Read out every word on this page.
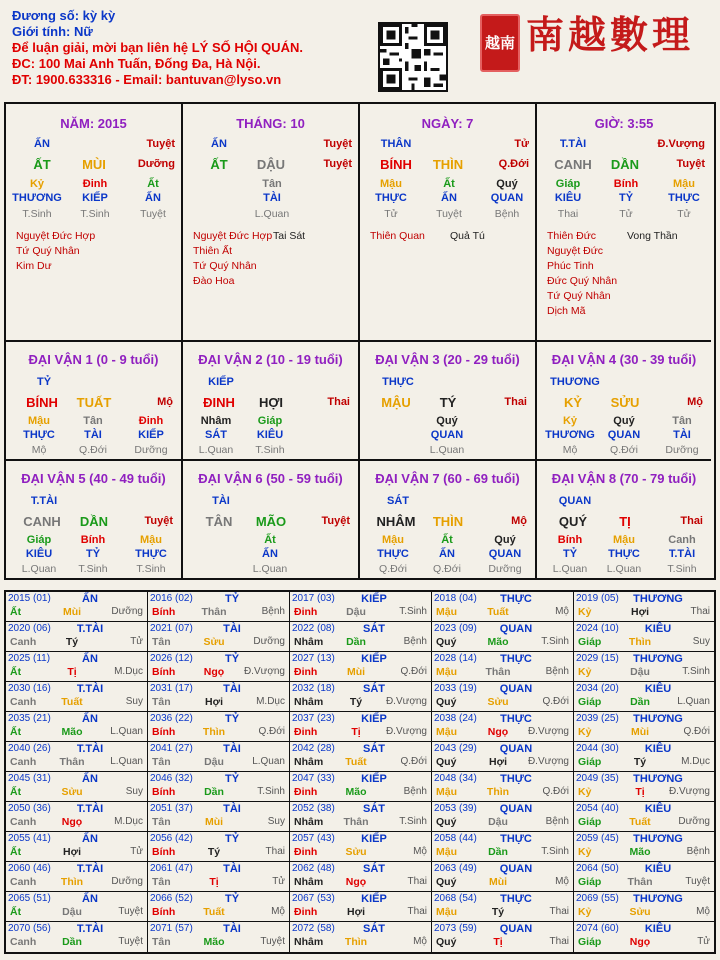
Đương số: kỳ kỳ
Giới tính: Nữ
Để luận giải, mời bạn liên hệ LÝ SỐ HỘI QUÁN.
ĐC: 100 Mai Anh Tuấn, Đống Đa, Hà Nội.
ĐT: 1900.633316 - Email: bantuvan@lyso.vn
越南 南越數理
NĂM: 2015
ẤN	Tuyệt
ẤT	MÙI	Dưỡng
Kỷ
THƯƠNG
T.Sinh
Đinh
KIẾP
T.Sinh
Ất
ẤN
Tuyệt
Nguyệt Đức Hợp
Tứ Quý Nhân
Kim Dư
THÁNG: 10
ẤN	Tuyệt
ẤT	DẬU	Tuyệt
Tân
TÀI
L.Quan
Nguyệt Đức Hợp
Thiên Ất
Tứ Quý Nhân
Đào Hoa
Tai Sát
NGÀY: 7
THÂN	Tử
BÍNH	THÌN	Q.Đới
Mậu
THỰC
Tử
Ất
ẤN
Tuyệt
Quý
QUAN
Bệnh
Thiên Quan Quả Tú
GIỜ: 3:55
T.TÀI	Đ.Vượng
CANH	DẦN	Tuyệt
Giáp
KIÊU
Thai
Bính
TỶ
Tử
Mậu
THỰC
Tử
Thiên Đức
Nguyệt Đức
Phúc Tinh
Đức Quý Nhân
Tứ Quý Nhân
Dịch Mã
Vong Thần
ĐẠI VẬN 1 (0 - 9 tuổi)
TỶ
BÍNH	TUẤT	Mộ
Mậu
THỰC
Mộ
Tân
TÀI
Q.Đới
Đinh
KIẾP
Dưỡng
ĐẠI VẬN 2 (10 - 19 tuổi)
KIẾP
ĐINH	HỢI	Thai
Nhâm
SÁT
L.Quan
Giáp
KIÊU
T.Sinh
ĐẠI VẬN 3 (20 - 29 tuổi)
THỰC
MẬU	TÝ	Thai
Quý
QUAN
L.Quan
ĐẠI VẬN 4 (30 - 39 tuổi)
THƯƠNG
KỶ	SỬU	Mộ
Kỷ
THƯƠNG
Mộ
Quý
QUAN
Q.Đới
Tân
TÀI
Dưỡng
ĐẠI VẬN 5 (40 - 49 tuổi)
T.TÀI
CANH	DẦN	Tuyệt
Giáp
KIÊU
L.Quan
Bính
TỶ
T.Sinh
Mậu
THỰC
T.Sinh
ĐẠI VẬN 6 (50 - 59 tuổi)
TÀI
TÂN	MÃO	Tuyệt
Ất
ẤN
L.Quan
ĐẠI VẬN 7 (60 - 69 tuổi)
SÁT
NHÂM	THÌN	Mộ
Mậu
THỰC
Q.Đới
Ất
ẤN
Q.Đới
Quý
QUAN
Dưỡng
ĐẠI VẬN 8 (70 - 79 tuổi)
QUAN
QUÝ	TỊ	Thai
Bính
TỶ
L.Quan
Mậu
THỰC
L.Quan
Canh
T.TÀI
T.Sinh
2015 (01)	ẤN
Ất	Mùi	Dưỡng
2016 (02)	TỶ
Bính	Thân	Bệnh
2017 (03)	KIẾP
Đinh	Dậu	T.Sinh
2018 (04)	THỰC
Mậu	Tuất	Mộ
2019 (05)	THƯƠNG
Kỷ	Hợi	Thai
2020 (06)	T.TÀI
Canh	Tý	Tử
2021 (07)	TÀI
Tân	Sửu	Dưỡng
2022 (08)	SÁT
Nhâm	Dần	Bệnh
2023 (09)	QUAN
Quý	Mão	T.Sinh
2024 (10)	KIÊU
Giáp	Thìn	Suy
2025 (11)	ẤN
Ất	Tị	M.Dục
2026 (12)	TỶ
Bính	Ngọ	Đ.Vượng
2027 (13)	KIẾP
Đinh	Mùi	Q.Đới
2028 (14)	THỰC
Mậu	Thân	Bệnh
2029 (15)	THƯƠNG
Kỷ	Dậu	T.Sinh
2030 (16)	T.TÀI
Canh	Tuất	Suy
2031 (17)	TÀI
Tân	Hợi	M.Dục
2032 (18)	SÁT
Nhâm	Tý	Đ.Vượng
2033 (19)	QUAN
Quý	Sửu	Q.Đới
2034 (20)	KIÊU
Giáp	Dần	L.Quan
2035 (21)	ẤN
Ất	Mão	L.Quan
2036 (22)	TỶ
Bính	Thìn	Q.Đới
2037 (23)	KIẾP
Đinh	Tị	Đ.Vượng
2038 (24)	THỰC
Mậu	Ngọ	Đ.Vượng
2039 (25)	THƯƠNG
Kỷ	Mùi	Q.Đới
2040 (26)	T.TÀI
Canh	Thân	L.Quan
2041 (27)	TÀI
Tân	Dậu	L.Quan
2042 (28)	SÁT
Nhâm	Tuất	Q.Đới
2043 (29)	QUAN
Quý	Hợi	Đ.Vượng
2044 (30)	KIÊU
Giáp	Tý	M.Dục
2045 (31)	ẤN
Ất	Sửu	Suy
2046 (32)	TỶ
Bính	Dần	T.Sinh
2047 (33)	KIẾP
Đinh	Mão	Bệnh
2048 (34)	THỰC
Mậu	Thìn	Q.Đới
2049 (35)	THƯƠNG
Kỷ	Tị	Đ.Vượng
2050 (36)	T.TÀI
Canh	Ngọ	M.Dục
2051 (37)	TÀI
Tân	Mùi	Suy
2052 (38)	SÁT
Nhâm	Thân	T.Sinh
2053 (39)	QUAN
Quý	Dậu	Bệnh
2054 (40)	KIÊU
Giáp	Tuất	Dưỡng
2055 (41)	ẤN
Ất	Hợi	Tử
2056 (42)	TỶ
Bính	Tý	Thai
2057 (43)	KIẾP
Đinh	Sửu	Mộ
2058 (44)	THỰC
Mậu	Dần	T.Sinh
2059 (45)	THƯƠNG
Kỷ	Mão	Bệnh
2060 (46)	T.TÀI
Canh	Thìn	Dưỡng
2061 (47)	TÀI
Tân	Tị	Tử
2062 (48)	SÁT
Nhâm	Ngọ	Thai
2063 (49)	QUAN
Quý	Mùi	Mộ
2064 (50)	KIÊU
Giáp	Thân	Tuyệt
2065 (51)	ẤN
Ất	Dậu	Tuyệt
2066 (52)	TỶ
Bính	Tuất	Mộ
2067 (53)	KIẾP
Đinh	Hợi	Thai
2068 (54)	THỰC
Mậu	Tý	Thai
2069 (55)	THƯƠNG
Kỷ	Sửu	Mộ
2070 (56)	T.TÀI
Canh	Dần	Tuyệt
2071 (57)	TÀI
Tân	Mão	Tuyệt
2072 (58)	SÁT
Nhâm	Thìn	Mộ
2073 (59)	QUAN
Quý	Tị	Thai
2074 (60)	KIÊU
Giáp	Ngọ	Tử
